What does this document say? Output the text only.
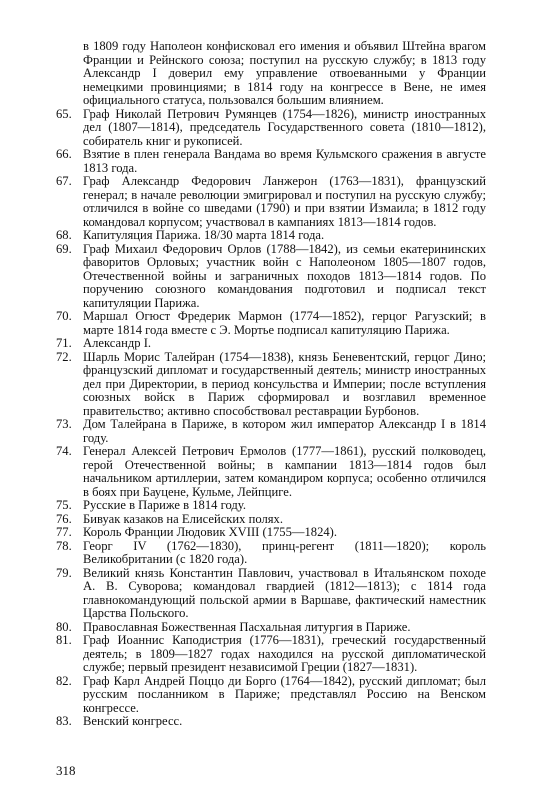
в 1809 году Наполеон конфисковал его имения и объявил Штейна врагом Франции и Рейнского союза; поступил на русскую службу; в 1813 году Александр I доверил ему управление отвоеванными у Франции немецкими провинциями; в 1814 году на конгрессе в Вене, не имея официального статуса, пользовался большим влиянием.

65. Граф Николай Петрович Румянцев (1754—1826), министр иностранных дел (1807—1814), председатель Государственного совета (1810—1812), собиратель книг и рукописей.

66. Взятие в плен генерала Вандама во время Кульмского сражения в августе 1813 года.

67. Граф Александр Федорович Ланжерон (1763—1831), французский генерал; в начале революции эмигрировал и поступил на русскую службу; отличился в войне со шведами (1790) и при взятии Измаила; в 1812 году командовал корпусом; участвовал в кампаниях 1813—1814 годов.

68. Капитуляция Парижа. 18/30 марта 1814 года.

69. Граф Михаил Федорович Орлов (1788—1842), из семьи екатерининских фаворитов Орловых; участник войн с Наполеоном 1805—1807 годов, Отечественной войны и заграничных походов 1813—1814 годов. По поручению союзного командования подготовил и подписал текст капитуляции Парижа.

70. Маршал Огюст Фредерик Мармон (1774—1852), герцог Рагузский; в марте 1814 года вместе с Э. Мортье подписал капитуляцию Парижа.

71. Александр I.

72. Шарль Морис Талейран (1754—1838), князь Беневентский, герцог Дино; французский дипломат и государственный деятель; министр иностранных дел при Директории, в период консульства и Империи; после вступления союзных войск в Париж сформировал и возглавил временное правительство; активно способствовал реставрации Бурбонов.

73. Дом Талейрана в Париже, в котором жил император Александр I в 1814 году.

74. Генерал Алексей Петрович Ермолов (1777—1861), русский полководец, герой Отечественной войны; в кампании 1813—1814 годов был начальником артиллерии, затем командиром корпуса; особенно отличился в боях при Бауцене, Кульме, Лейпциге.

75. Русские в Париже в 1814 году.

76. Бивуак казаков на Елисейских полях.

77. Король Франции Людовик XVIII (1755—1824).

78. Георг IV (1762—1830), принц-регент (1811—1820); король Великобритании (с 1820 года).

79. Великий князь Константин Павлович, участвовал в Итальянском походе А. В. Суворова; командовал гвардией (1812—1813); с 1814 года главнокомандующий польской армии в Варшаве, фактический наместник Царства Польского.

80. Православная Божественная Пасхальная литургия в Париже.

81. Граф Иоаннис Каподистрия (1776—1831), греческий государственный деятель; в 1809—1827 годах находился на русской дипломатической службе; первый президент независимой Греции (1827—1831).

82. Граф Карл Андрей Поццо ди Борго (1764—1842), русский дипломат; был русским посланником в Париже; представлял Россию на Венском конгрессе.

83. Венский конгресс.

318
